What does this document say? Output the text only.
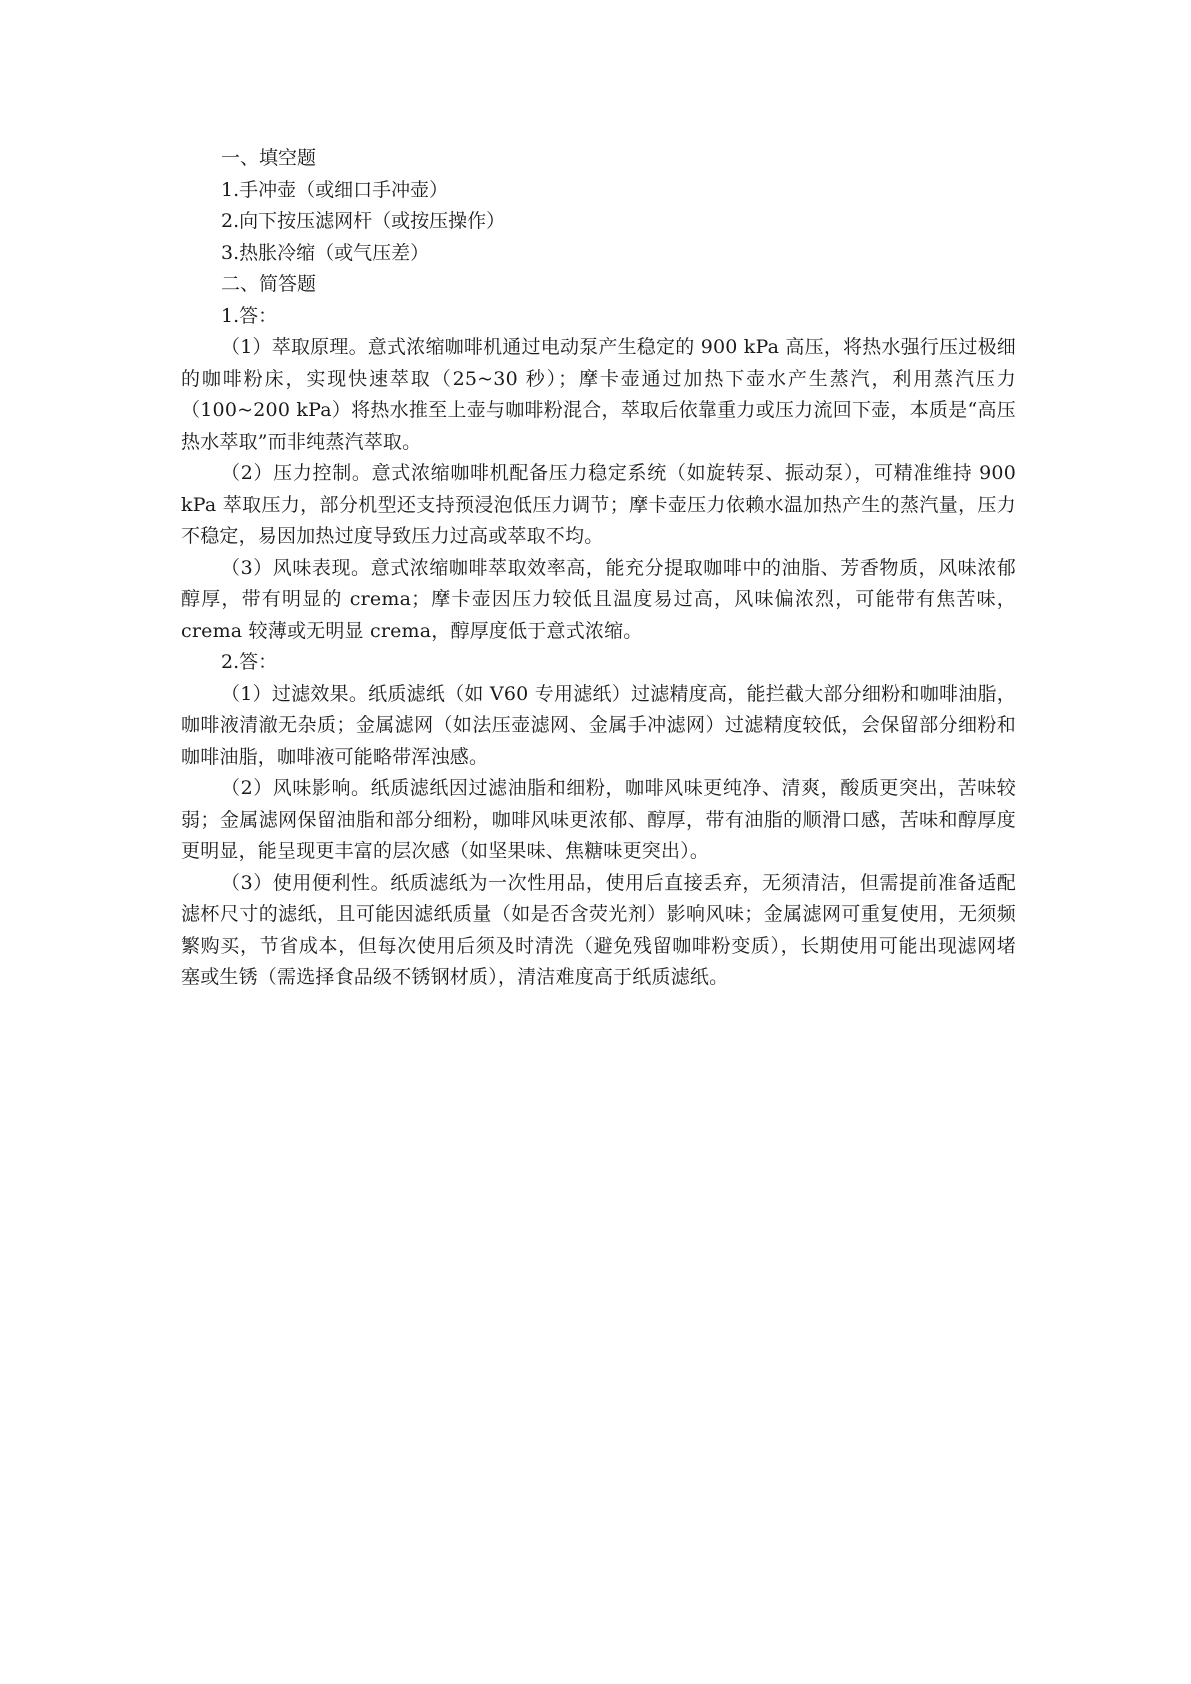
一、填空题

1.手冲壶（或细口手冲壶）

2.向下按压滤网杆（或按压操作）

3.热胀冷缩（或气压差）

二、简答题

1.答：

（1）萃取原理。意式浓缩咖啡机通过电动泵产生稳定的 900 kPa 高压，将热水强行压过极细的咖啡粉床，实现快速萃取（25~30 秒）；摩卡壶通过加热下壶水产生蒸汽，利用蒸汽压力（100~200 kPa）将热水推至上壶与咖啡粉混合，萃取后依靠重力或压力流回下壶，本质是“高压热水萃取”而非纯蒸汽萃取。

（2）压力控制。意式浓缩咖啡机配备压力稳定系统（如旋转泵、振动泵），可精准维持 900 kPa 萃取压力，部分机型还支持预浸泡低压力调节；摩卡壶压力依赖水温加热产生的蒸汽量，压力不稳定，易因加热过度导致压力过高或萃取不均。

（3）风味表现。意式浓缩咖啡萃取效率高，能充分提取咖啡中的油脂、芳香物质，风味浓郁醇厚，带有明显的 crema；摩卡壶因压力较低且温度易过高，风味偏浓烈，可能带有焦苦味，crema 较薄或无明显 crema，醇厚度低于意式浓缩。

2.答：

（1）过滤效果。纸质滤纸（如 V60 专用滤纸）过滤精度高，能拦截大部分细粉和咖啡油脂，咖啡液清澈无杂质；金属滤网（如法压壶滤网、金属手冲滤网）过滤精度较低，会保留部分细粉和咖啡油脂，咖啡液可能略带浑浊感。

（2）风味影响。纸质滤纸因过滤油脂和细粉，咖啡风味更纯净、清爽，酸质更突出，苦味较弱；金属滤网保留油脂和部分细粉，咖啡风味更浓郁、醇厚，带有油脂的顺滑口感，苦味和醇厚度更明显，能呈现更丰富的层次感（如坚果味、焦糖味更突出）。

（3）使用便利性。纸质滤纸为一次性用品，使用后直接丢弃，无须清洁，但需提前准备适配滤杯尺寸的滤纸，且可能因滤纸质量（如是否含荧光剂）影响风味；金属滤网可重复使用，无须频繁购买，节省成本，但每次使用后须及时清洗（避免残留咖啡粉变质），长期使用可能出现滤网堵塞或生锈（需选择食品级不锈钢材质），清洁难度高于纸质滤纸。
